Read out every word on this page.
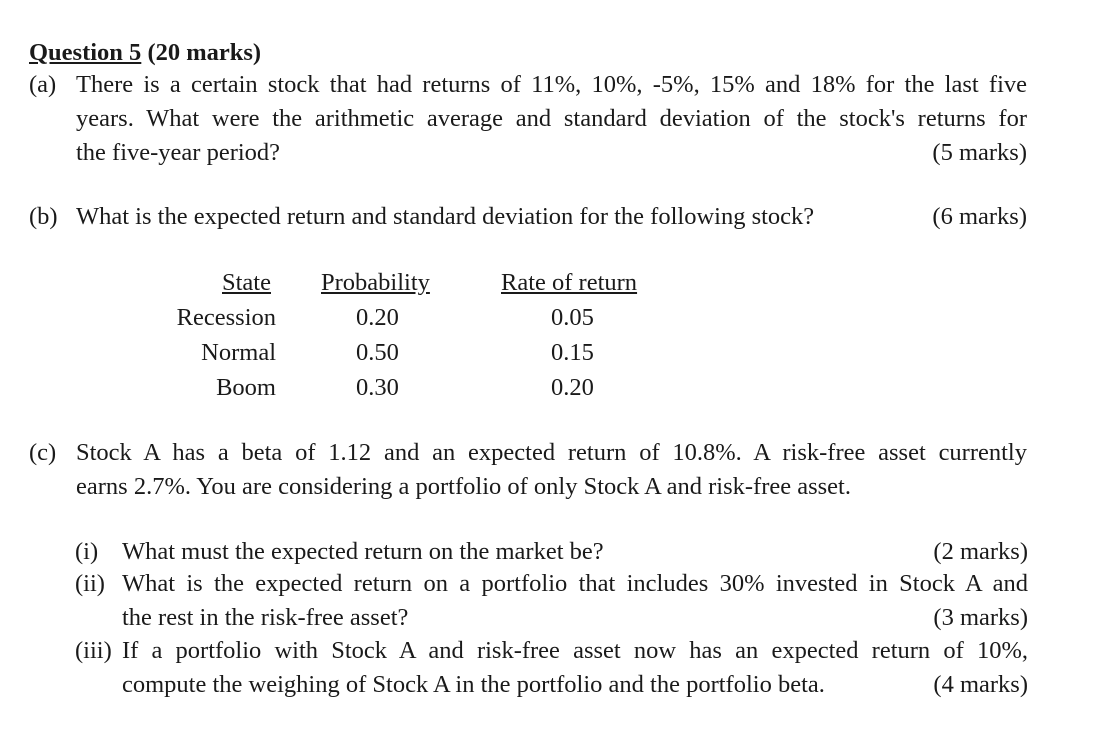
Question 5 (20 marks)
(a) There is a certain stock that had returns of 11%, 10%, -5%, 15% and 18% for the last five
years. What were the arithmetic average and standard deviation of the stock's returns for
the five-year period?	(5 marks)
(b) What is the expected return and standard deviation for the following stock?	(6 marks)
State Probability	Rate of return
Recession	0.20	0.05
Normal	0.50	0.15
Boom	0.30	0.20
(c) Stock A has a beta of 1.12 and an expected return of 10.8%. A risk-free asset currently
earns 2.7%. You are considering a portfolio of only Stock A and risk-free asset.
(i) What must the expected return on the market be?	(2 marks)
(ii) What is the expected return on a portfolio that includes 30% invested in Stock A and
the rest in the risk-free asset?	(3 marks)
(iii) If a portfolio with Stock A and risk-free asset now has an expected return of 10%,
compute the weighing of Stock A in the portfolio and the portfolio beta.	(4 marks)
